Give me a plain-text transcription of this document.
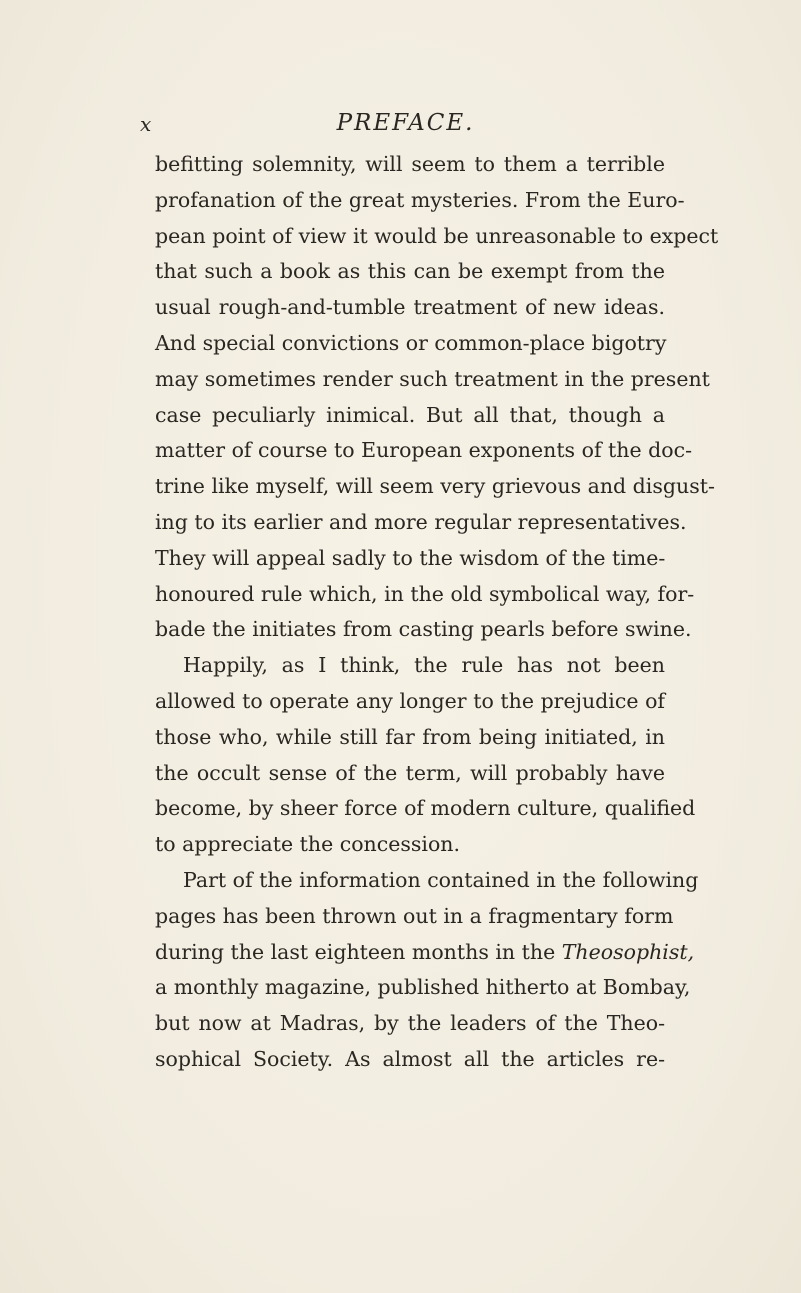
x	PREFACE.
befitting solemnity, will seem to them a terrible
profanation of the great mysteries. From the Euro-
pean point of view it would be unreasonable to expect
that such a book as this can be exempt from the
usual rough-and-tumble treatment of new ideas.
And special convictions or common-place bigotry
may sometimes render such treatment in the present
case peculiarly inimical. But all that, though a
matter of course to European exponents of the doc-
trine like myself, will seem very grievous and disgust-
ing to its earlier and more regular representatives.
They will appeal sadly to the wisdom of the time-
honoured rule which, in the old symbolical way, for-
bade the initiates from casting pearls before swine.
Happily, as I think, the rule has not been
allowed to operate any longer to the prejudice of
those who, while still far from being initiated, in
the occult sense of the term, will probably have
become, by sheer force of modern culture, qualified
to appreciate the concession.
Part of the information contained in the following
pages has been thrown out in a fragmentary form
during the last eighteen months in the Theosophist,
a monthly magazine, published hitherto at Bombay,
but now at Madras, by the leaders of the Theo-
sophical Society. As almost all the articles re-
